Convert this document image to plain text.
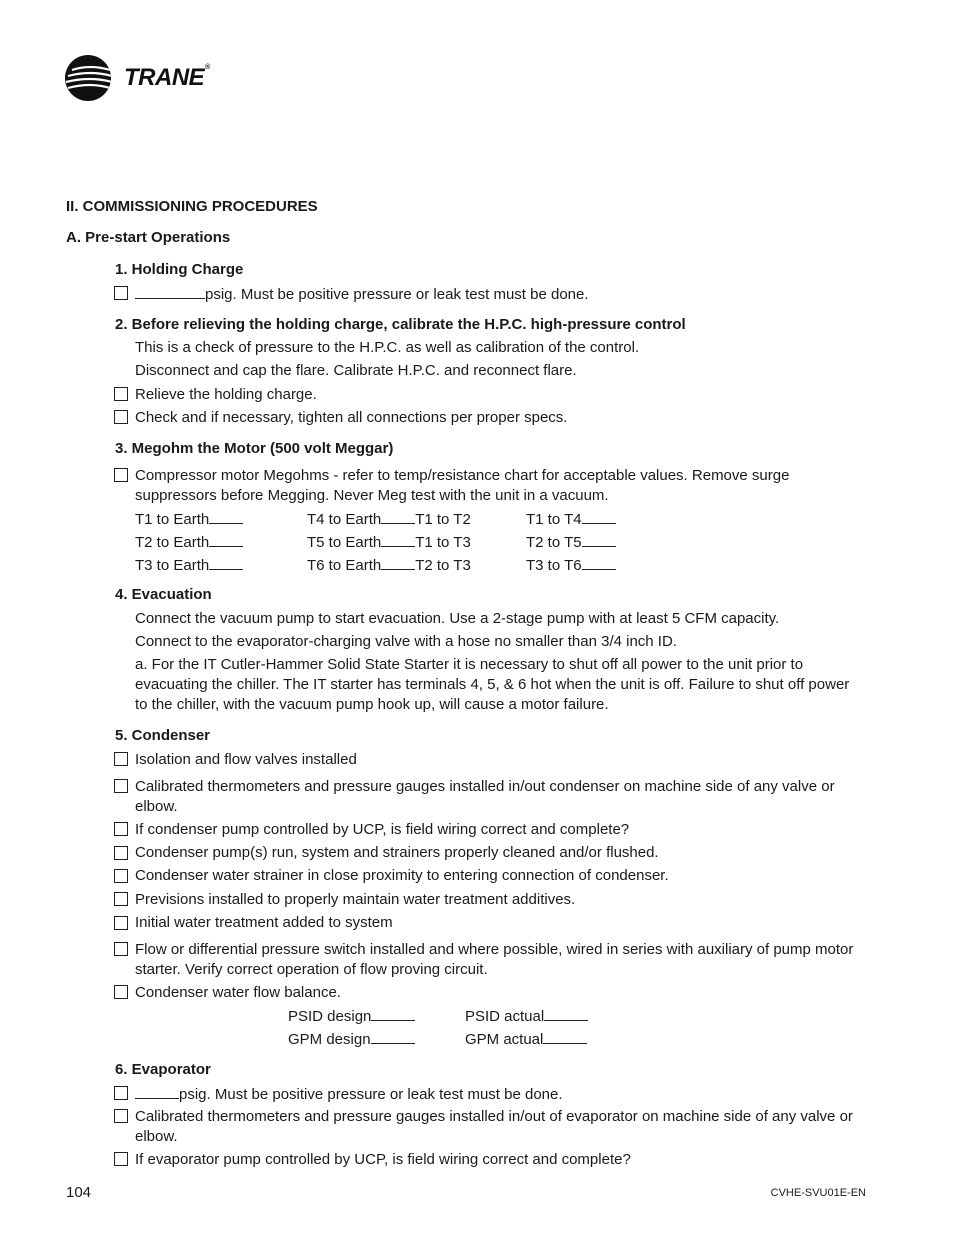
TRANE®
II. COMMISSIONING PROCEDURES
A. Pre-start Operations
1. Holding Charge
psig. Must be positive pressure or leak test must be done.
2. Before relieving the holding charge, calibrate the H.P.C. high-pressure control
This is a check of pressure to the H.P.C. as well as calibration of the control.
Disconnect and cap the flare. Calibrate H.P.C. and reconnect flare.
Relieve the holding charge.
Check and if necessary, tighten all connections per proper specs.
3. Megohm the Motor (500 volt Meggar)
Compressor motor Megohms - refer to temp/resistance chart for acceptable values. Remove surge suppressors before Megging. Never Meg test with the unit in a vacuum.
T1 to Earth	T4 to Earth T1 to T2	T1 to T4
T2 to Earth	T5 to Earth T1 to T3	T2 to T5
T3 to Earth	T6 to Earth T2 to T3	T3 to T6
4. Evacuation
Connect the vacuum pump to start evacuation. Use a 2-stage pump with at least 5 CFM capacity.
Connect to the evaporator-charging valve with a hose no smaller than 3/4 inch ID.
a. For the IT Cutler-Hammer Solid State Starter it is necessary to shut off all power to the unit prior to evacuating the chiller. The IT starter has terminals 4, 5, & 6 hot when the unit is off. Failure to shut off power to the chiller, with the vacuum pump hook up, will cause a motor failure.
5. Condenser
Isolation and flow valves installed
Calibrated thermometers and pressure gauges installed in/out condenser on machine side of any valve or elbow.
If condenser pump controlled by UCP, is field wiring correct and complete?
Condenser pump(s) run, system and strainers properly cleaned and/or flushed.
Condenser water strainer in close proximity to entering connection of condenser.
Previsions installed to properly maintain water treatment additives.
Initial water treatment added to system
Flow or differential pressure switch installed and where possible, wired in series with auxiliary of pump motor starter. Verify correct operation of flow proving circuit.
Condenser water flow balance.
PSID design	PSID actual
GPM design	GPM actual
6. Evaporator
psig. Must be positive pressure or leak test must be done.
Calibrated thermometers and pressure gauges installed in/out of evaporator on machine side of any valve or elbow.
If evaporator pump controlled by UCP, is field wiring correct and complete?
104	CVHE-SVU01E-EN
